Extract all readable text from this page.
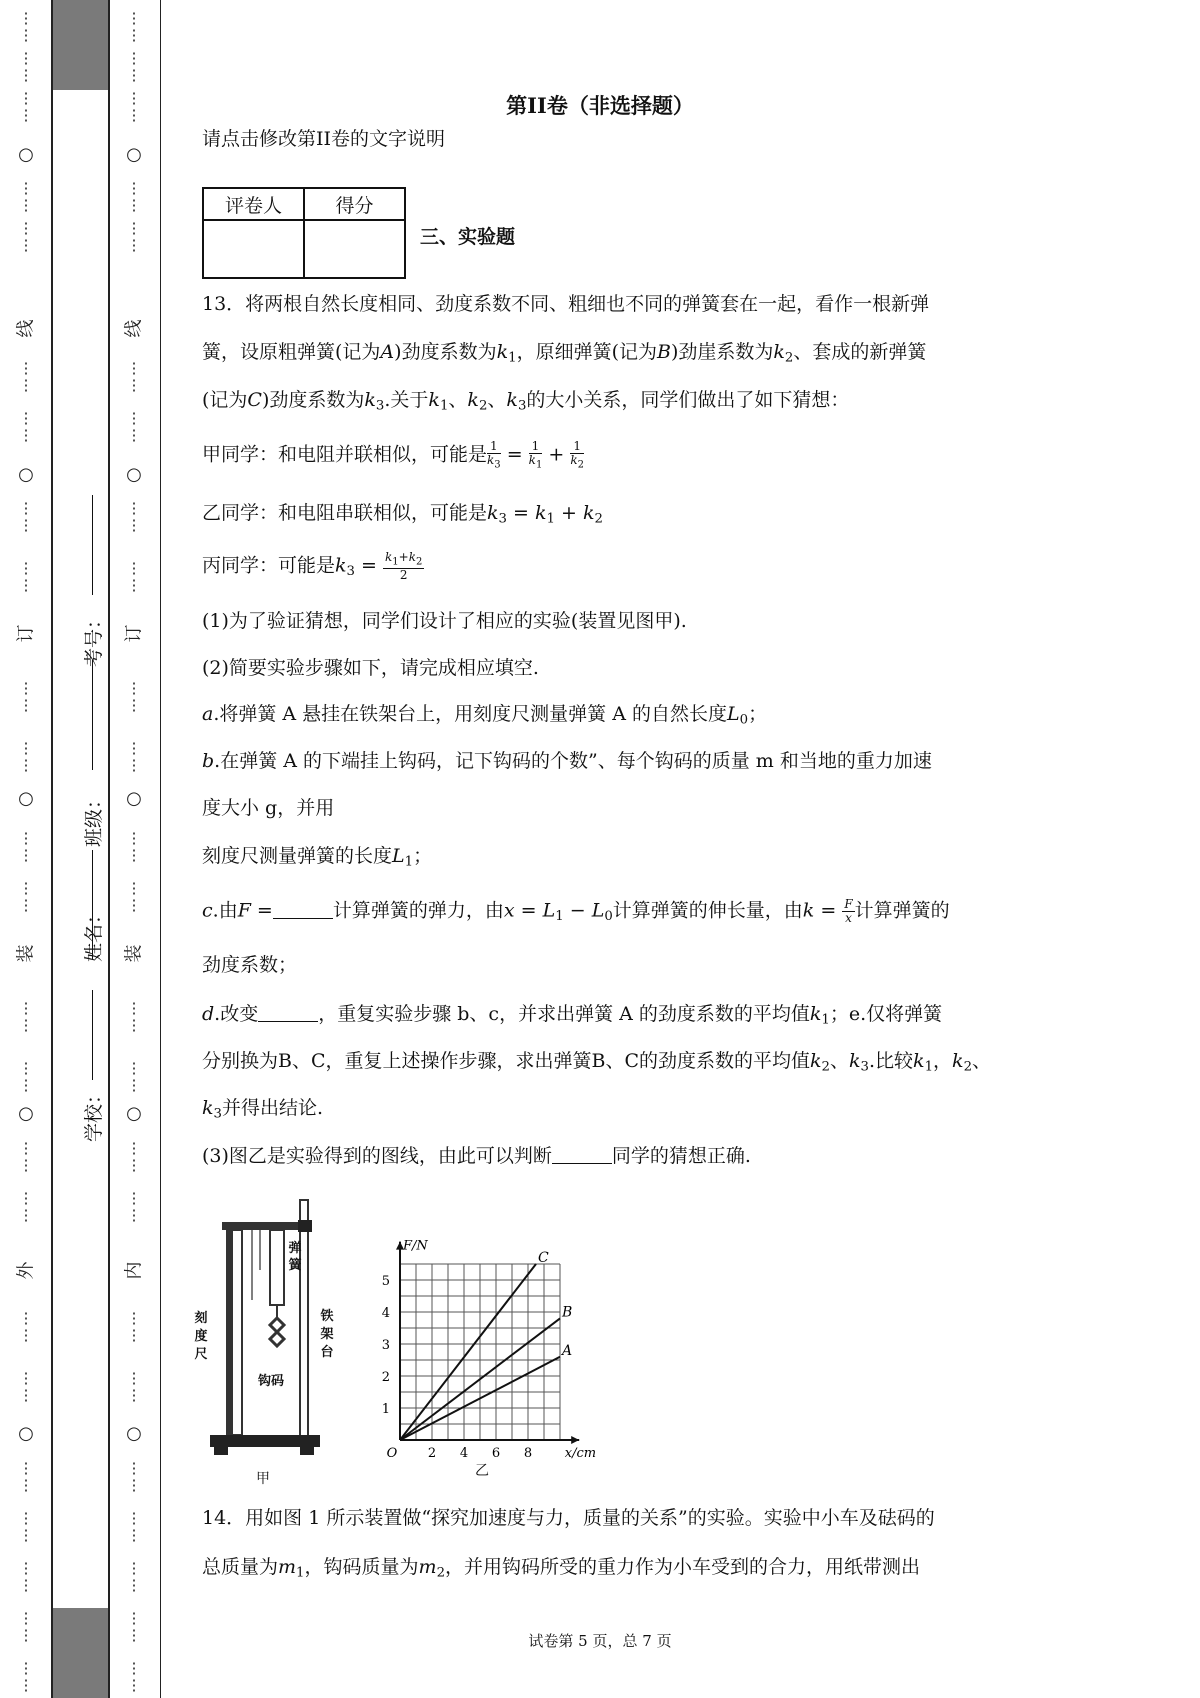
⋮
⋮
⋮
⋮
⋮
⋮
○
⋮
⋮
⋮
⋮
线
⋮
⋮
⋮
⋮
○
⋮
⋮
⋮
⋮
订
⋮
⋮
⋮
⋮
○
⋮
⋮
⋮
⋮
装
⋮
⋮
⋮
⋮
○
⋮
⋮
⋮
⋮
外
⋮
⋮
⋮
⋮
○
⋮
⋮
⋮
⋮
⋮
⋮
⋮
⋮
⋮
⋮
⋮
⋮
⋮
⋮
⋮
⋮
○
⋮
⋮
⋮
⋮
线
⋮
⋮
⋮
⋮
○
⋮
⋮
⋮
⋮
订
⋮
⋮
⋮
⋮
○
⋮
⋮
⋮
⋮
装
⋮
⋮
⋮
⋮
○
⋮
⋮
⋮
⋮
内
⋮
⋮
⋮
⋮
○
⋮
⋮
⋮
⋮
⋮
⋮
⋮
⋮
⋮
⋮
学校：
姓名：
班级：
考号：
第II卷（非选择题）
请点击修改第II卷的文字说明
评卷人	得分

三、实验题
13．将两根自然长度相同、劲度系数不同、粗细也不同的弹簧套在一起，看作一根新弹
簧，设原粗弹簧(记为A)劲度系数为$k_1$，原细弹簧(记为B)劲崖系数为$k_2$、套成的新弹簧
(记为C)劲度系数为$k_3$.关于$k_1$、$k_2$、$k_3$的大小关系，同学们做出了如下猜想：
甲同学：和电阻并联相似，可能是 $\frac{1}{k_3} = \frac{1}{k_1} + \frac{1}{k_2}$
乙同学：和电阻串联相似，可能是$k_3 = k_1 + k_2$
丙同学：可能是$k_3 = \frac{k_1+k_2}{2}$
(1)为了验证猜想，同学们设计了相应的实验(装置见图甲).
(2)简要实验步骤如下，请完成相应填空.
a.将弹簧 A 悬挂在铁架台上，用刻度尺测量弹簧 A 的自然长度$L_0$；
b.在弹簧 A 的下端挂上钩码，记下钩码的个数”、每个钩码的质量 m 和当地的重力加速
度大小 g，并用
刻度尺测量弹簧的长度$L_1$；
c.由F =	计算弹簧的弹力，由$x = L_1 - L_0$计算弹簧的伸长量，由$k = \frac{F}{x}$ 计算弹簧的
劲度系数；
d.改变	，重复实验步骤 b、c，并求出弹簧 A 的劲度系数的平均值$k_1$；e.仅将弹簧
分别换为B、C，重复上述操作步骤，求出弹簧B、C的劲度系数的平均值$k_2$、$k_3$.比较$k_1$，$k_2$、
$k_3$并得出结论.
(3)图乙是实验得到的图线，由此可以判断	同学的猜想正确.
刻度尺
铁架台
弹簧
钩码
甲
2 4 6 8
1
2
3
4
5
O
F/N
x/cm
C
B
A
乙
14．用如图 1 所示装置做“探究加速度与力，质量的关系”的实验。实验中小车及砝码的
总质量为$m_1$，钩码质量为$m_2$，并用钩码所受的重力作为小车受到的合力，用纸带测出
试卷第 5 页，总 7 页
